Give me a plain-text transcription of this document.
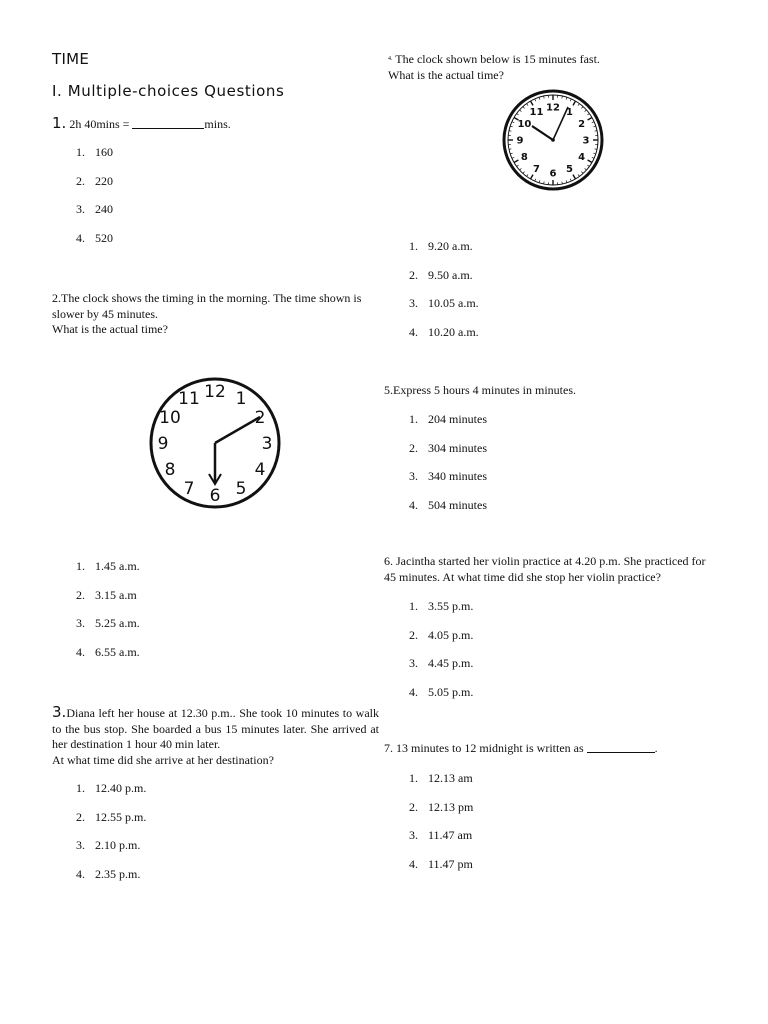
TIME
I. Multiple-choices Questions
1. 2h 40mins =	mins.
1. 160
2. 220
3. 240
4. 520
2.The clock shows the timing in the morning. The time shown is slower by 45 minutes.
What is the actual time?
12 1
2
3
4
5
6
7
8
9
10
11
1. 1.45 a.m.
2. 3.15 a.m
3. 5.25 a.m.
4. 6.55 a.m.
3.Diana left her house at 12.30 p.m.. She took 10 minutes to walk to the bus stop. She boarded a bus 15 minutes later. She arrived at her destination 1 hour 40 min later.
At what time did she arrive at her destination?
1. 12.40 p.m.
2. 12.55 p.m.
3. 2.10 p.m.
4. 2.35 p.m.
$^{4.}$ The clock shown below is 15 minutes fast.
What is the actual time?
12 1
2
3
4
5
6
7
8
9
10
11
1. 9.20 a.m.
2. 9.50 a.m.
3. 10.05 a.m.
4. 10.20 a.m.
5.Express 5 hours 4 minutes in minutes.
1. 204 minutes
2. 304 minutes
3. 340 minutes
4. 504 minutes
6. Jacintha started her violin practice at 4.20 p.m. She practiced for 45 minutes. At what time did she stop her violin practice?
1. 3.55 p.m.
2. 4.05 p.m.
3. 4.45 p.m.
4. 5.05 p.m.
7. 13 minutes to 12 midnight is written as	.
1. 12.13 am
2. 12.13 pm
3. 11.47 am
4. 11.47 pm
